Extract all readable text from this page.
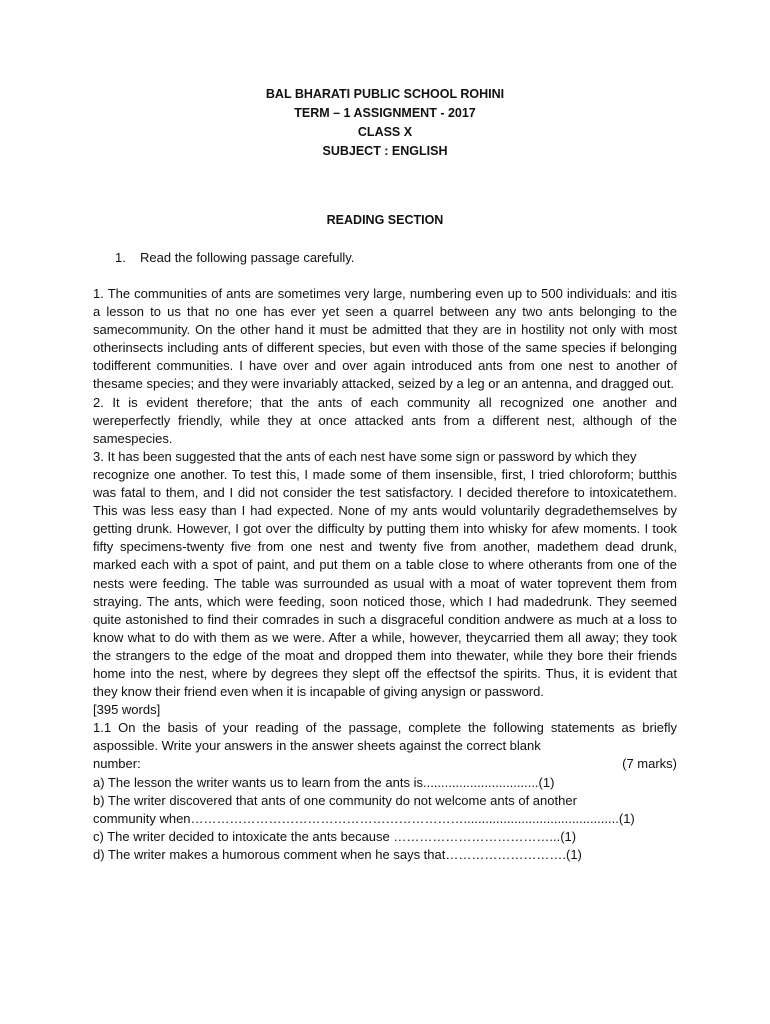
BAL BHARATI PUBLIC SCHOOL ROHINI
TERM – 1 ASSIGNMENT - 2017
CLASS X
SUBJECT : ENGLISH
READING SECTION
1. Read the following passage carefully.

1. The communities of ants are sometimes very large, numbering even up to 500 individuals: and itis a lesson to us that no one has ever yet seen a quarrel between any two ants belonging to the samecommunity. On the other hand it must be admitted that they are in hostility not only with most otherinsects including ants of different species, but even with those of the same species if belonging todifferent communities. I have over and over again introduced ants from one nest to another of thesame species; and they were invariably attacked, seized by a leg or an antenna, and dragged out.

2. It is evident therefore; that the ants of each community all recognized one another and wereperfectly friendly, while they at once attacked ants from a different nest, although of the samespecies.

3. It has been suggested that the ants of each nest have some sign or password by which they

recognize one another. To test this, I made some of them insensible, first, I tried chloroform; butthis was fatal to them, and I did not consider the test satisfactory. I decided therefore to intoxicatethem. This was less easy than I had expected. None of my ants would voluntarily degradethemselves by getting drunk. However, I got over the difficulty by putting them into whisky for afew moments. I took fifty specimens-twenty five from one nest and twenty five from another, madethem dead drunk, marked each with a spot of paint, and put them on a table close to where otherants from one of the nests were feeding. The table was surrounded as usual with a moat of water toprevent them from straying. The ants, which were feeding, soon noticed those, which I had madedrunk. They seemed quite astonished to find their comrades in such a disgraceful condition andwere as much at a loss to know what to do with them as we were. After a while, however, theycarried them all away; they took the strangers to the edge of the moat and dropped them into thewater, while they bore their friends home into the nest, where by degrees they slept off the effectsof the spirits. Thus, it is evident that they know their friend even when it is incapable of giving anysign or password.

[395 words]

1.1 On the basis of your reading of the passage, complete the following statements as briefly aspossible. Write your answers in the answer sheets against the correct blank

number:	(7 marks)
a) The lesson the writer wants us to learn from the ants is................................ (1)

b) The writer discovered that ants of one community do not welcome ants of another

community when………………………………………………………........................................... (1)
c) The writer decided to intoxicate the ants because ………………………………... (1)
d) The writer makes a humorous comment when he says that………………………. (1)
